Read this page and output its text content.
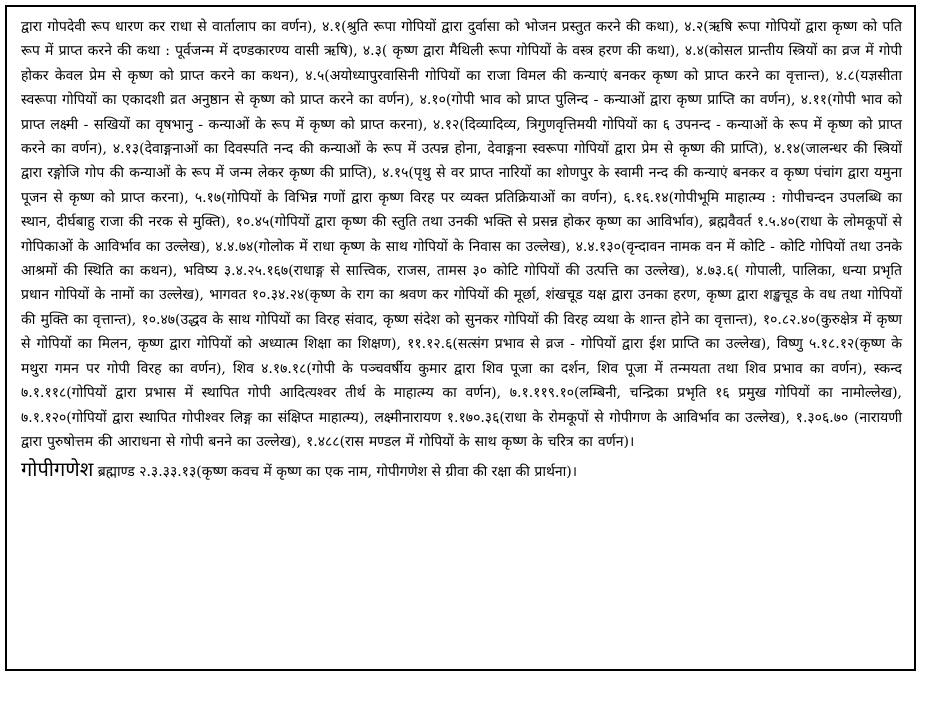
द्वारा गोपदेवी रूप धारण कर राधा से वार्तालाप का वर्णन), ४.१(श्रुति रूपा गोपियों द्वारा दुर्वासा को भोजन प्रस्तुत करने की कथा), ४.२(ऋषि रूपा गोपियों द्वारा कृष्ण को पति रूप में प्राप्त करने की कथा : पूर्वजन्म में दण्डकारण्य वासी ऋषि), ४.३( कृष्ण द्वारा मैथिली रूपा गोपियों के वस्त्र हरण की कथा), ४.४(कोसल प्रान्तीय स्त्रियों का व्रज में गोपी होकर केवल प्रेम से कृष्ण को प्राप्त करने का कथन), ४.५(अयोध्यापुरवासिनी गोपियों का राजा विमल की कन्याएं बनकर कृष्ण को प्राप्त करने का वृत्तान्त), ४.८(यज्ञसीता स्वरूपा गोपियों का एकादशी व्रत अनुष्ठान से कृष्ण को प्राप्त करने का वर्णन), ४.१०(गोपी भाव को प्राप्त पुलिन्द - कन्याओं द्वारा कृष्ण प्राप्ति का वर्णन), ४.११(गोपी भाव को प्राप्त लक्ष्मी - सखियों का वृषभानु - कन्याओं के रूप में कृष्ण को प्राप्त करना), ४.१२(दिव्यादिव्य, त्रिगुणवृत्तिमयी गोपियों का ६ उपनन्द - कन्याओं के रूप में कृष्ण को प्राप्त करने का वर्णन), ४.१३(देवाङ्गनाओं का दिवस्पति नन्द की कन्याओं के रूप में उत्पन्न होना, देवाङ्गना स्वरूपा गोपियों द्वारा प्रेम से कृष्ण की प्राप्ति), ४.१४(जालन्धर की स्त्रियों द्वारा रङ्गोजि गोप की कन्याओं के रूप में जन्म लेकर कृष्ण की प्राप्ति), ४.१५(पृथु से वर प्राप्त नारियों का शोणपुर के स्वामी नन्द की कन्याएं बनकर व कृष्ण पंचांग द्वारा यमुना पूजन से कृष्ण को प्राप्त करना), ५.१७(गोपियों के विभिन्न गणों द्वारा कृष्ण विरह पर व्यक्त प्रतिक्रियाओं का वर्णन), ६.१६.१४(गोपीभूमि माहात्म्य : गोपीचन्दन उपलब्धि का स्थान, दीर्घबाहु राजा की नरक से मुक्ति), १०.४५(गोपियों द्वारा कृष्ण की स्तुति तथा उनकी भक्ति से प्रसन्न होकर कृष्ण का आविर्भाव), ब्रह्मवैवर्त १.५.४०(राधा के लोमकूपों से गोपिकाओं के आविर्भाव का उल्लेख), ४.४.७४(गोलोक में राधा कृष्ण के साथ गोपियों के निवास का उल्लेख), ४.४.१३०(वृन्दावन नामक वन में कोटि - कोटि गोपियों तथा उनके आश्रमों की स्थिति का कथन), भविष्य ३.४.२५.१६७(राधाङ्ग से सात्त्विक, राजस, तामस ३० कोटि गोपियों की उत्पत्ति का उल्लेख), ४.७३.६( गोपाली, पालिका, धन्या प्रभृति प्रधान गोपियों के नामों का उल्लेख), भागवत १०.३४.२४(कृष्ण के राग का श्रवण कर गोपियों की मूर्छा, शंखचूड यक्ष द्वारा उनका हरण, कृष्ण द्वारा शङ्खचूड के वध तथा गोपियों की मुक्ति का वृत्तान्त), १०.४७(उद्धव के साथ गोपियों का विरह संवाद, कृष्ण संदेश को सुनकर गोपियों की विरह व्यथा के शान्त होने का वृत्तान्त), १०.८२.४०(कुरुक्षेत्र में कृष्ण से गोपियों का मिलन, कृष्ण द्वारा गोपियों को अध्यात्म शिक्षा का शिक्षण), ११.१२.६(सत्संग प्रभाव से व्रज - गोपियों द्वारा ईश प्राप्ति का उल्लेख), विष्णु ५.१८.१२(कृष्ण के मथुरा गमन पर गोपी विरह का वर्णन), शिव ४.१७.१८(गोपी के पञ्चवर्षीय कुमार द्वारा शिव पूजा का दर्शन, शिव पूजा में तन्मयता तथा शिव प्रभाव का वर्णन), स्कन्द ७.१.११८(गोपियों द्वारा प्रभास में स्थापित गोपी आदित्यश्वर तीर्थ के माहात्म्य का वर्णन), ७.१.११९.१०(लम्बिनी, चन्द्रिका प्रभृति १६ प्रमुख गोपियों का नामोल्लेख), ७.१.१२०(गोपियों द्वारा स्थापित गोपीश्वर लिङ्ग का संक्षिप्त माहात्म्य), लक्ष्मीनारायण १.१७०.३६(राधा के रोमकूपों से गोपीगण के आविर्भाव का उल्लेख), १.३०६.७० (नारायणी द्वारा पुरुषोत्तम की आराधना से गोपी बनने का उल्लेख), १.४८८(रास मण्डल में गोपियों के साथ कृष्ण के चरित्र का वर्णन)।

गोपीगणेश ब्रह्माण्ड २.३.३३.१३(कृष्ण कवच में कृष्ण का एक नाम, गोपीगणेश से ग्रीवा की रक्षा की प्रार्थना)।
